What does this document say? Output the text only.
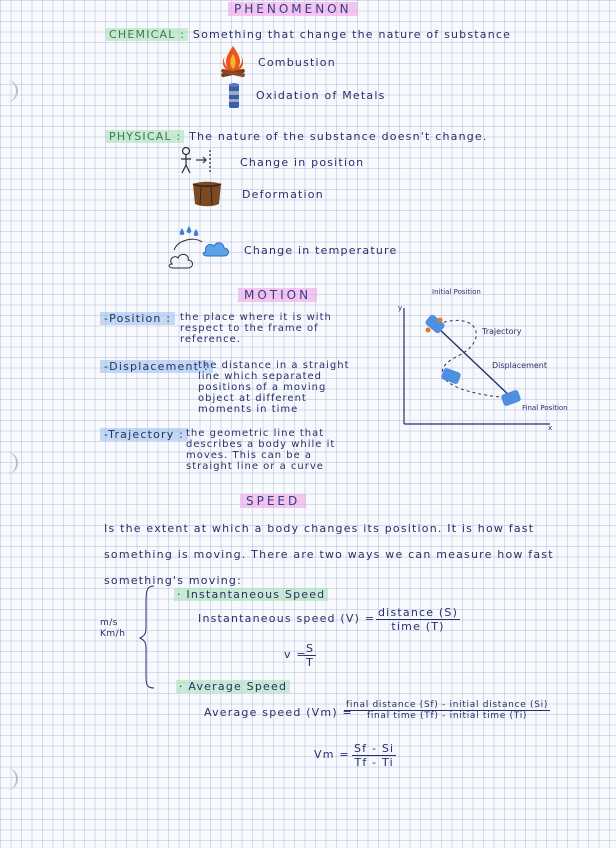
PHENOMENON
CHEMICAL : Something that change the nature of substance
Combustion
Oxidation of Metals
PHYSICAL : The nature of the substance doesn't change.
Change in position
Deformation
Change in temperature
MOTION
-Position : the place where it is with respect to the frame of reference.
-Displacement :
the distance in a straight line which separated positions of a moving object at different moments in time
-Trajectory : the geometric line that describes a body while it moves. This can be a straight line or a curve
y
x
Initial Position
Trajectory
Displacement
Final Position
SPEED
Is the extent at which a body changes its position. It is how fast something is moving. There are two ways we can measure how fast something's moving:
m/s Km/h
· Instantaneous Speed
Instantaneous speed (V) = distance (S)
time (T)
v =
$\frac{S}{T}$
· Average Speed
Average speed (Vm) =
final distance (Sf) - initial distance (Si)
final time (Tf) - initial time (Ti)
$Vm = \frac{Sf - Si}{Tf - Ti}$
